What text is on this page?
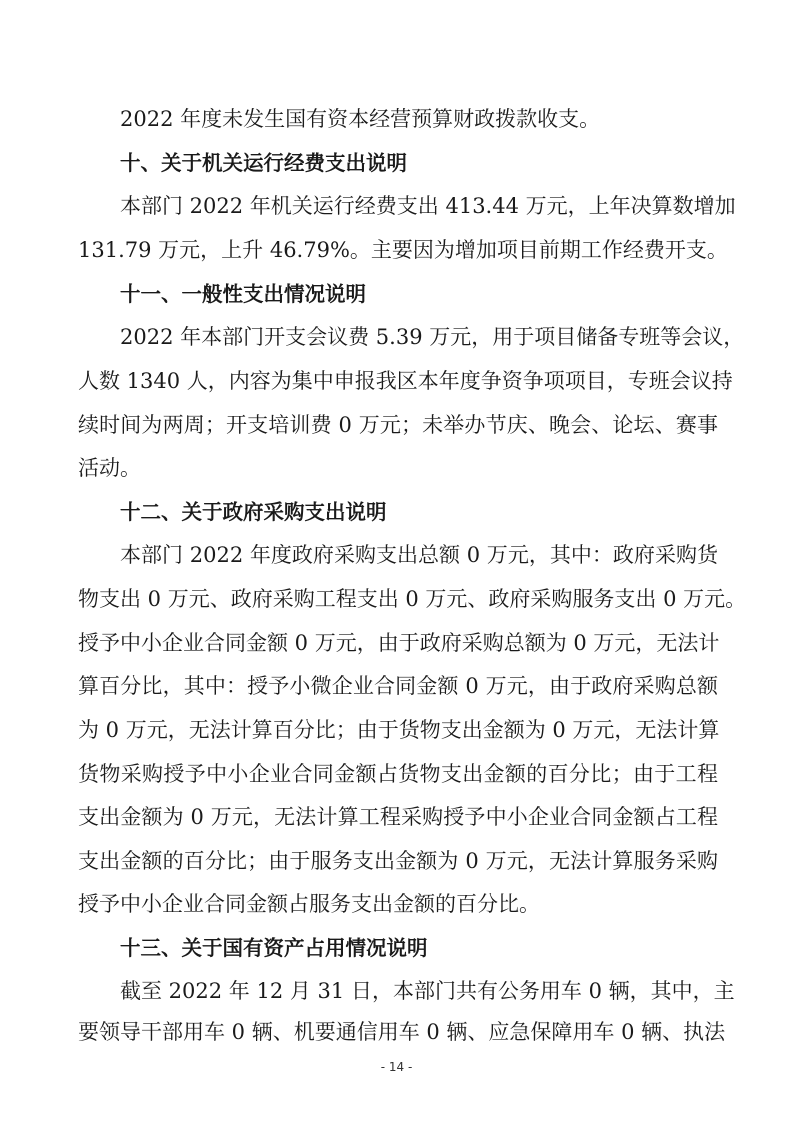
2022 年度未发生国有资本经营预算财政拨款收支。
十、关于机关运行经费支出说明
本部门 2022 年机关运行经费支出 413.44 万元，上年决算数增加
131.79 万元，上升 46.79%。主要因为增加项目前期工作经费开支。
十一、一般性支出情况说明
2022 年本部门开支会议费 5.39 万元，用于项目储备专班等会议，
人数 1340 人，内容为集中申报我区本年度争资争项项目，专班会议持
续时间为两周；开支培训费 0 万元；未举办节庆、晚会、论坛、赛事
活动。
十二、关于政府采购支出说明
本部门 2022 年度政府采购支出总额 0 万元，其中：政府采购货
物支出 0 万元、政府采购工程支出 0 万元、政府采购服务支出 0 万元。
授予中小企业合同金额 0 万元，由于政府采购总额为 0 万元，无法计
算百分比，其中：授予小微企业合同金额 0 万元，由于政府采购总额
为 0 万元，无法计算百分比；由于货物支出金额为 0 万元，无法计算
货物采购授予中小企业合同金额占货物支出金额的百分比；由于工程
支出金额为 0 万元，无法计算工程采购授予中小企业合同金额占工程
支出金额的百分比；由于服务支出金额为 0 万元，无法计算服务采购
授予中小企业合同金额占服务支出金额的百分比。
十三、关于国有资产占用情况说明
截至 2022 年 12 月 31 日，本部门共有公务用车 0 辆，其中，主
要领导干部用车 0 辆、机要通信用车 0 辆、应急保障用车 0 辆、执法
- 14 -
